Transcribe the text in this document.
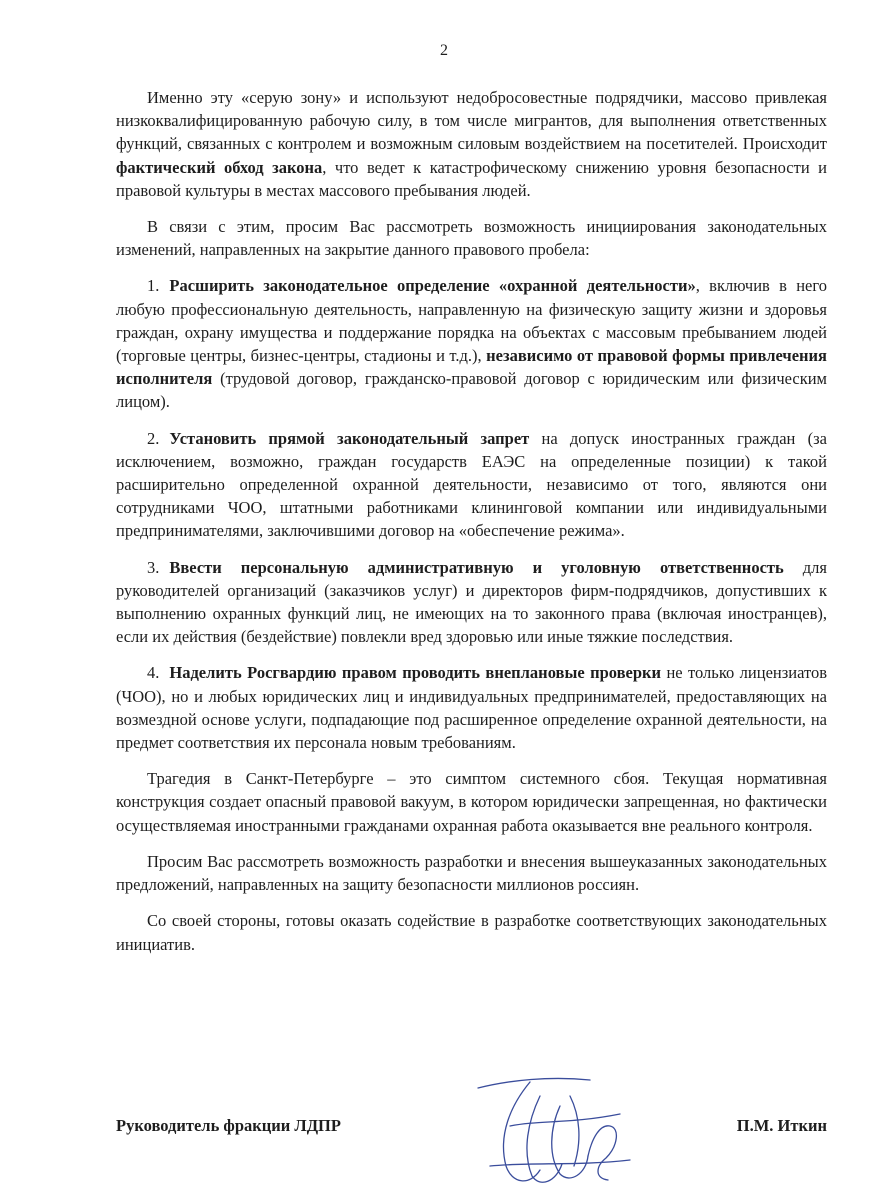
2

Именно эту «серую зону» и используют недобросовестные подрядчики, массово привлекая низкоквалифицированную рабочую силу, в том числе мигрантов, для выполнения ответственных функций, связанных с контролем и возможным силовым воздействием на посетителей. Происходит фактический обход закона, что ведет к катастрофическому снижению уровня безопасности и правовой культуры в местах массового пребывания людей.

В связи с этим, просим Вас рассмотреть возможность инициирования законодательных изменений, направленных на закрытие данного правового пробела:

1. Расширить законодательное определение «охранной деятельности», включив в него любую профессиональную деятельность, направленную на физическую защиту жизни и здоровья граждан, охрану имущества и поддержание порядка на объектах с массовым пребыванием людей (торговые центры, бизнес-центры, стадионы и т.д.), независимо от правовой формы привлечения исполнителя (трудовой договор, гражданско-правовой договор с юридическим или физическим лицом).

2. Установить прямой законодательный запрет на допуск иностранных граждан (за исключением, возможно, граждан государств ЕАЭС на определенные позиции) к такой расширительно определенной охранной деятельности, независимо от того, являются они сотрудниками ЧОО, штатными работниками клининговой компании или индивидуальными предпринимателями, заключившими договор на «обеспечение режима».

3. Ввести персональную административную и уголовную ответственность для руководителей организаций (заказчиков услуг) и директоров фирм-подрядчиков, допустивших к выполнению охранных функций лиц, не имеющих на то законного права (включая иностранцев), если их действия (бездействие) повлекли вред здоровью или иные тяжкие последствия.

4. Наделить Росгвардию правом проводить внеплановые проверки не только лицензиатов (ЧОО), но и любых юридических лиц и индивидуальных предпринимателей, предоставляющих на возмездной основе услуги, подпадающие под расширенное определение охранной деятельности, на предмет соответствия их персонала новым требованиям.

Трагедия в Санкт-Петербурге – это симптом системного сбоя. Текущая нормативная конструкция создает опасный правовой вакуум, в котором юридически запрещенная, но фактически осуществляемая иностранными гражданами охранная работа оказывается вне реального контроля.

Просим Вас рассмотреть возможность разработки и внесения вышеуказанных законодательных предложений, направленных на защиту безопасности миллионов россиян.

Со своей стороны, готовы оказать содействие в разработке соответствующих законодательных инициатив.

Руководитель фракции ЛДПР	П.М. Иткин
